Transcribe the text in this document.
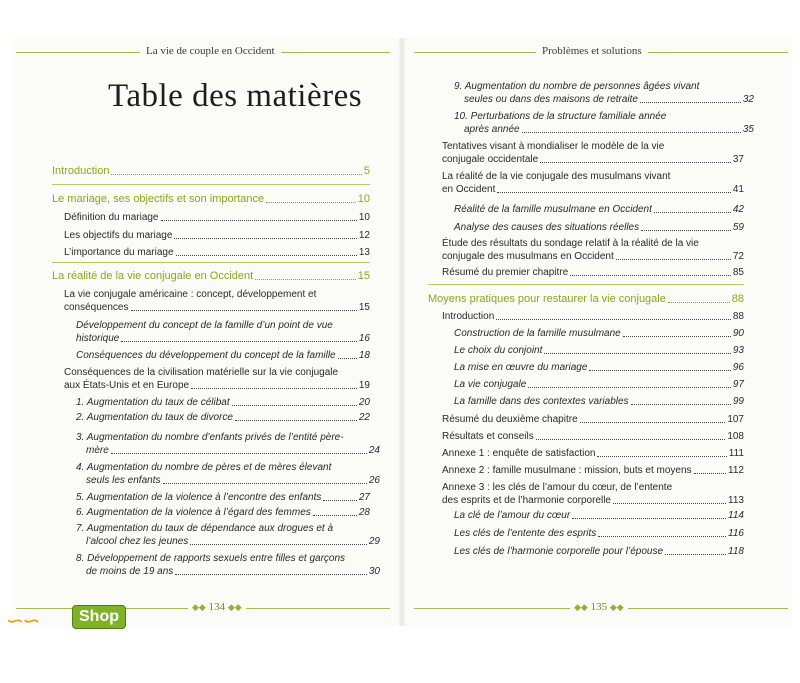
La vie de couple en Occident
Table des matières
◆◆ 134 ◆◆
Problèmes et solutions
◆◆ 135 ◆◆
Introduction	5
Le mariage, ses objectifs et son importance	10
Définition du mariage	10
Les objectifs du mariage	12
L’importance du mariage	13
La réalité de la vie conjugale en Occident	15
La vie conjugale américaine : concept, développement et
conséquences	15
Développement du concept de la famille d’un point de vue
historique	16
Conséquences du développement du concept de la famille 18
Conséquences de la civilisation matérielle sur la vie conjugale
aux États-Unis et en Europe	19
1. Augmentation du taux de célibat	20
2. Augmentation du taux de divorce	22
3. Augmentation du nombre d’enfants privés de l’entité père-
mère	24
4. Augmentation du nombre de pères et de mères élevant
seuls les enfants	26
5. Augmentation de la violence à l’encontre des enfants	27
6. Augmentation de la violence à l’égard des femmes	28
7. Augmentation du taux de dépendance aux drogues et à
l’alcool chez les jeunes	29
8. Développement de rapports sexuels entre filles et garçons
de moins de 19 ans	30
9. Augmentation du nombre de personnes âgées vivant
seules ou dans des maisons de retraite	32
10. Perturbations de la structure familiale année
après année	35
Tentatives visant à mondialiser le modèle de la vie
conjugale occidentale	37
La réalité de la vie conjugale des musulmans vivant
en Occident	41
Réalité de la famille musulmane en Occident	42
Analyse des causes des situations réelles	59
Étude des résultats du sondage relatif à la réalité de la vie
conjugale des musulmans en Occident	72
Résumé du premier chapitre	85
Moyens pratiques pour restaurer la vie conjugale	88
Introduction	88
Construction de la famille musulmane	90
Le choix du conjoint	93
La mise en œuvre du mariage	96
La vie conjugale	97
La famille dans des contextes variables	99
Résumé du deuxième chapitre	107
Résultats et conseils	108
Annexe 1 : enquête de satisfaction	111
Annexe 2 : famille musulmane : mission, buts et moyens	112
Annexe 3 : les clés de l’amour du cœur, de l’entente
des esprits et de l’harmonie corporelle	113
La clé de l’amour du cœur	114
Les clés de l’entente des esprits	116
Les clés de l’harmonie corporelle pour l’épouse	118
∽∽	Shop
